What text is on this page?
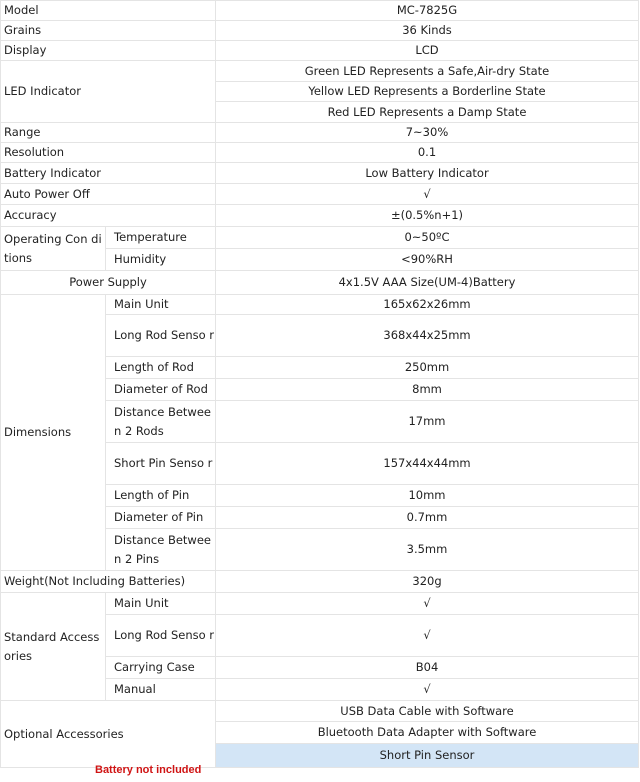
Model		MC-7825G
Grains		36 Kinds
Display		LCD
LED Indicator		Green LED Represents a Safe,Air-dry State
		Yellow LED Represents a Borderline State
		Red LED Represents a Damp State
Range		7~30%
Resolution		0.1
Battery Indicator		Low Battery Indicator
Auto Power Off		√
Accuracy		±(0.5%n+1)
Operating Con ditions	Temperature	0~50ºC
	Humidity	<90%RH
Power Supply		4x1.5V AAA Size(UM-4)Battery
Dimensions	Main Unit	165x62x26mm
	Long Rod Senso r	368x44x25mm
	Length of Rod	250mm
	Diameter of Rod	8mm
	Distance Betwee n 2 Rods	17mm
	Short Pin Senso r	157x44x44mm
	Length of Pin	10mm
	Diameter of Pin	0.7mm
	Distance Betwee n 2 Pins	3.5mm
Weight(Not Including Batteries)		320g
Standard Accessories	Main Unit	√
	Long Rod Senso r	√
	Carrying Case	B04
	Manual	√
Optional Accessories		USB Data Cable with Software
		Bluetooth Data Adapter with Software
		Short Pin Sensor
Battery not included
